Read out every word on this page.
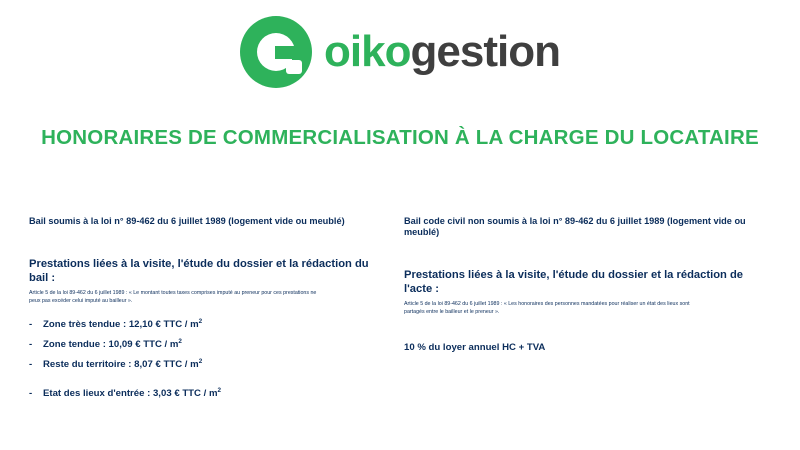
oikogestion
HONORAIRES DE COMMERCIALISATION À LA CHARGE DU LOCATAIRE
Bail soumis à la loi n° 89-462 du 6 juillet 1989 (logement vide ou meublé)
Prestations liées à la visite, l'étude du dossier et la rédaction du bail :
Article 5 de la loi 89-462 du 6 juillet 1989 : « Le montant toutes taxes comprises imputé au preneur pour ces prestations ne peux pas excéder celui imputé au bailleur ».
- Zone très tendue : 12,10 € TTC / $m^2$
- Zone tendue : 10,09 € TTC / $m^2$
- Reste du territoire : 8,07 € TTC / $m^2$
- Etat des lieux d'entrée : 3,03 € TTC / $m^2$
Bail code civil non soumis à la loi n° 89-462 du 6 juillet 1989 (logement vide ou meublé)
Prestations liées à la visite, l'étude du dossier et la rédaction de l'acte :
Article 5 de la loi 89-462 du 6 juillet 1989 : « Les honoraires des personnes mandatées pour réaliser un état des lieux sont partagés entre le bailleur et le preneur ».
10 % du loyer annuel HC + TVA
